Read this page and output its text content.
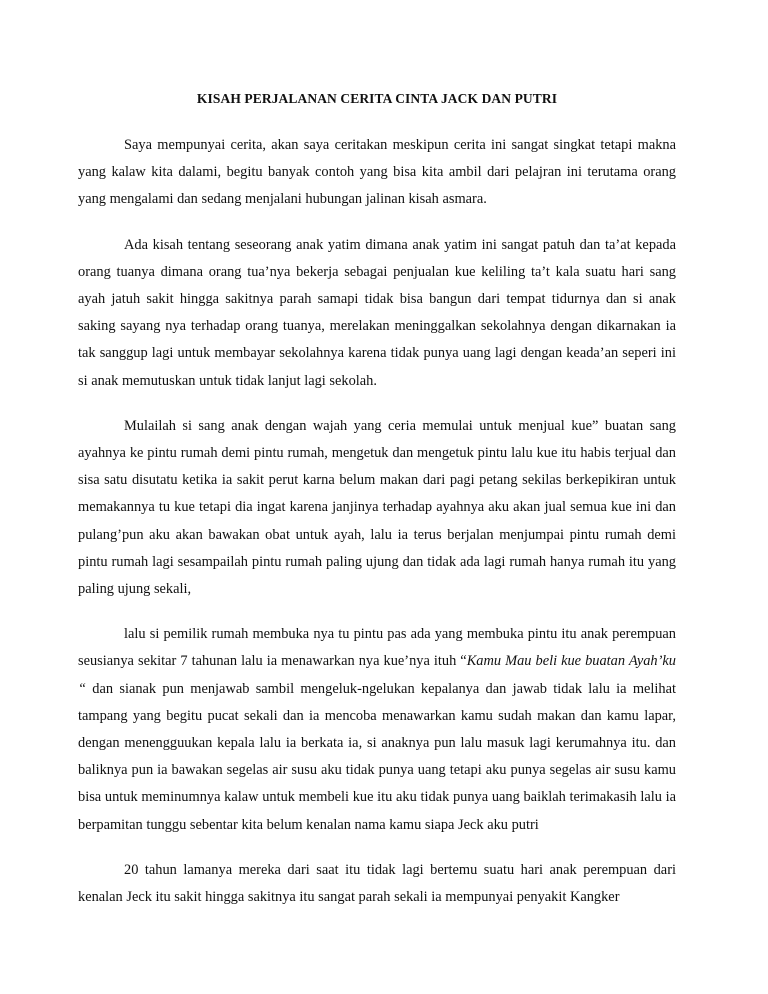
KISAH PERJALANAN CERITA CINTA JACK DAN PUTRI

Saya mempunyai cerita, akan saya ceritakan meskipun cerita ini sangat singkat tetapi makna yang kalaw kita dalami, begitu banyak contoh yang bisa kita ambil dari pelajran ini terutama orang yang mengalami dan sedang menjalani hubungan jalinan kisah asmara.

Ada kisah tentang seseorang anak yatim dimana anak yatim ini sangat patuh dan ta’at kepada orang tuanya dimana orang tua’nya bekerja sebagai penjualan kue keliling ta’t kala suatu hari sang ayah jatuh sakit hingga sakitnya parah samapi tidak bisa bangun dari tempat tidurnya dan si anak saking sayang nya terhadap orang tuanya, merelakan meninggalkan sekolahnya dengan dikarnakan ia tak sanggup lagi untuk membayar sekolahnya karena tidak punya uang lagi dengan keada’an seperi ini si anak memutuskan untuk tidak lanjut lagi sekolah.

Mulailah si sang anak dengan wajah yang ceria memulai untuk menjual kue” buatan sang ayahnya ke pintu rumah demi pintu rumah, mengetuk dan mengetuk pintu lalu kue itu habis terjual dan sisa satu disutatu ketika ia sakit perut karna belum makan dari pagi petang sekilas berkepikiran untuk memakannya tu kue tetapi dia ingat karena janjinya terhadap ayahnya aku akan jual semua kue ini dan pulang’pun aku akan bawakan obat untuk ayah, lalu ia terus berjalan menjumpai pintu rumah demi pintu rumah lagi sesampailah pintu rumah paling ujung dan tidak ada lagi rumah hanya rumah itu yang paling ujung sekali,

lalu si pemilik rumah membuka nya tu pintu pas ada yang membuka pintu itu anak perempuan seusianya sekitar 7 tahunan lalu ia menawarkan nya kue’nya ituh “Kamu Mau beli kue buatan Ayah’ku “ dan sianak pun menjawab sambil mengeluk-ngelukan kepalanya dan jawab tidak lalu ia melihat tampang yang begitu pucat sekali dan ia mencoba menawarkan kamu sudah makan dan kamu lapar, dengan menengguukan kepala lalu ia berkata ia, si anaknya pun lalu masuk lagi kerumahnya itu. dan baliknya pun ia bawakan segelas air susu aku tidak punya uang tetapi aku punya segelas air susu kamu bisa untuk meminumnya kalaw untuk membeli kue itu aku tidak punya uang baiklah terimakasih lalu ia berpamitan tunggu sebentar kita belum kenalan nama kamu siapa Jeck aku putri

20 tahun lamanya mereka dari saat itu tidak lagi bertemu suatu hari anak perempuan dari kenalan Jeck itu sakit hingga sakitnya itu sangat parah sekali ia mempunyai penyakit Kangker
